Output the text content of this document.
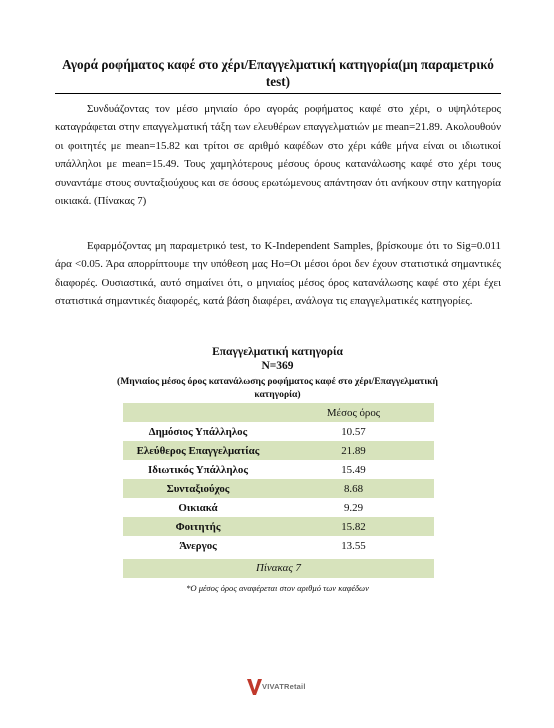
Αγορά ροφήματος καφέ στο χέρι/Επαγγελματική κατηγορία(μη παραμετρικό test)

Συνδυάζοντας τον μέσο μηνιαίο όρο αγοράς ροφήματος καφέ στο χέρι, ο υψηλότερος καταγράφεται στην επαγγελματική τάξη των ελευθέρων επαγγελματιών με mean=21.89. Ακολουθούν οι φοιτητές με mean=15.82 και τρίτοι σε αριθμό καφέδων στο χέρι κάθε μήνα είναι οι ιδιωτικοί υπάλληλοι με mean=15.49. Τους χαμηλότερους μέσους όρους κατανάλωσης καφέ στο χέρι τους συναντάμε στους συνταξιούχους και σε όσους ερωτώμενους απάντησαν ότι ανήκουν στην κατηγορία οικιακά. (Πίνακας 7)

Εφαρμόζοντας μη παραμετρικό test, το K-Independent Samples, βρίσκουμε ότι το Sig=0.011 άρα <0.05. Άρα απορρίπτουμε την υπόθεση μας Ho=Οι μέσοι όροι δεν έχουν στατιστικά σημαντικές διαφορές. Ουσιαστικά, αυτό σημαίνει ότι, ο μηνιαίος μέσος όρος κατανάλωσης καφέ στο χέρι έχει στατιστικά σημαντικές διαφορές, κατά βάση διαφέρει, ανάλογα τις επαγγελματικές κατηγορίες.

Επαγγελματική κατηγορία

N=369

(Μηνιαίος μέσος όρος κατανάλωσης ροφήματος καφέ στο χέρι/Επαγγελματική κατηγορία)

	Μέσος όρος
Δημόσιος Υπάλληλος	10.57
Ελεύθερος Επαγγελματίας	21.89
Ιδιωτικός Υπάλληλος	15.49
Συνταξιούχος	8.68
Οικιακά	9.29
Φοιτητής	15.82
Άνεργος	13.55
Πίνακας 7

*Ο μέσος όρος αναφέρεται στον αριθμό των καφέδων

VIVATRetail
